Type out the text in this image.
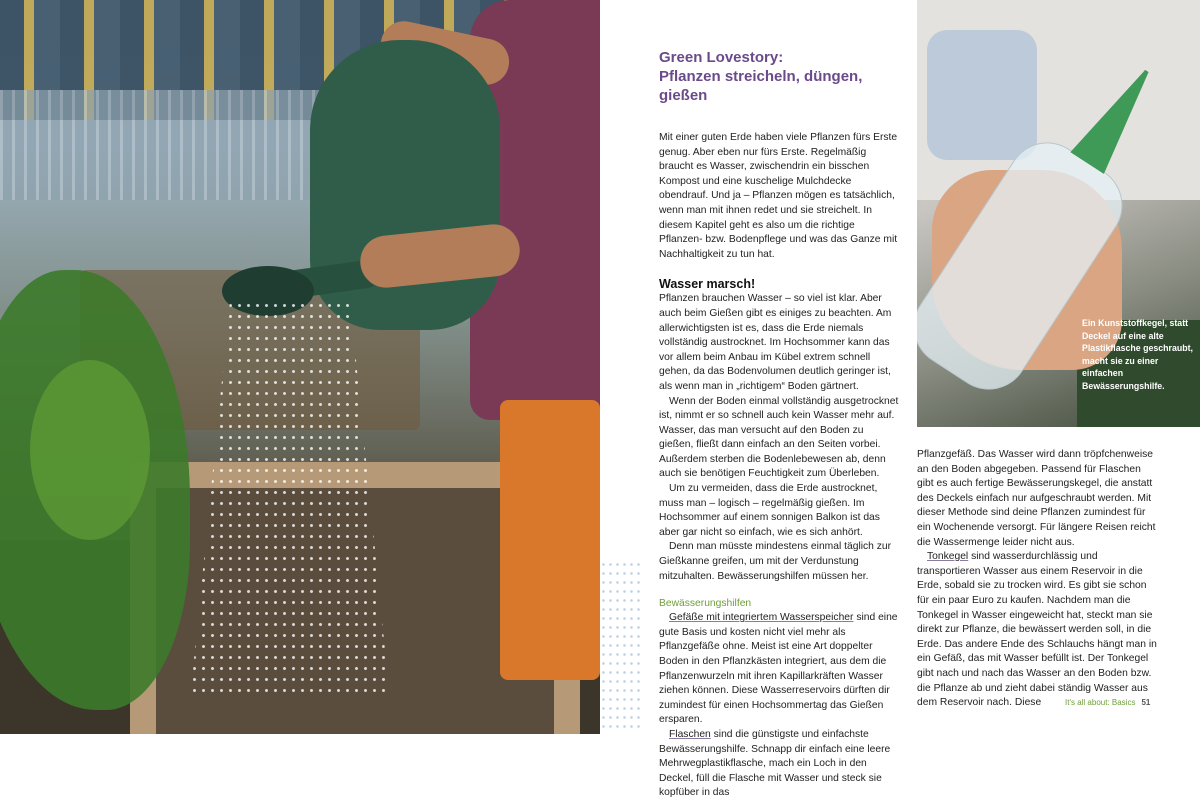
Green Lovestory:
Pflanzen streicheln, düngen, gießen

Mit einer guten Erde haben viele Pflanzen fürs Erste genug. Aber eben nur fürs Erste. Regelmäßig braucht es Wasser, zwischendrin ein bisschen Kompost und eine kuschelige Mulchdecke obendrauf. Und ja – Pflanzen mögen es tatsächlich, wenn man mit ihnen redet und sie streichelt. In diesem Kapitel geht es also um die richtige Pflanzen- bzw. Bodenpflege und was das Ganze mit Nachhaltigkeit zu tun hat.

Wasser marsch!

Pflanzen brauchen Wasser – so viel ist klar. Aber auch beim Gießen gibt es einiges zu beachten. Am allerwichtigsten ist es, dass die Erde niemals vollständig austrocknet. Im Hochsommer kann das vor allem beim Anbau im Kübel extrem schnell gehen, da das Bodenvolumen deutlich geringer ist, als wenn man in „richtigem“ Boden gärtnert.

Wenn der Boden einmal vollständig ausgetrocknet ist, nimmt er so schnell auch kein Wasser mehr auf. Wasser, das man versucht auf den Boden zu gießen, fließt dann einfach an den Seiten vorbei. Außerdem sterben die Bodenlebewesen ab, denn auch sie benötigen Feuchtigkeit zum Überleben.

Um zu vermeiden, dass die Erde austrocknet, muss man – logisch – regelmäßig gießen. Im Hochsommer auf einem sonnigen Balkon ist das aber gar nicht so einfach, wie es sich anhört.

Denn man müsste mindestens einmal täglich zur Gießkanne greifen, um mit der Verdunstung mitzuhalten. Bewässerungshilfen müssen her.

Bewässerungshilfen

Gefäße mit integriertem Wasserspeicher sind eine gute Basis und kosten nicht viel mehr als Pflanzgefäße ohne. Meist ist eine Art doppelter Boden in den Pflanzkästen integriert, aus dem die Pflanzenwurzeln mit ihren Kapillarkräften Wasser ziehen können. Diese Wasserreservoirs dürften dir zumindest für einen Hochsommertag das Gießen ersparen.

Flaschen sind die günstigste und einfachste Bewässerungshilfe. Schnapp dir einfach eine leere Mehrwegplastikflasche, mach ein Loch in den Deckel, füll die Flasche mit Wasser und steck sie kopfüber in das

Ein Kunststoffkegel, statt Deckel auf eine alte Plastikflasche geschraubt, macht sie zu einer einfachen Bewässerungshilfe.

Pflanzgefäß. Das Wasser wird dann tröpfchenweise an den Boden abgegeben. Passend für Flaschen gibt es auch fertige Bewässerungskegel, die anstatt des Deckels einfach nur aufgeschraubt werden. Mit dieser Methode sind deine Pflanzen zumindest für ein Wochenende versorgt. Für längere Reisen reicht die Wassermenge leider nicht aus.

Tonkegel sind wasserdurchlässig und transportieren Wasser aus einem Reservoir in die Erde, sobald sie zu trocken wird. Es gibt sie schon für ein paar Euro zu kaufen. Nachdem man die Tonkegel in Wasser eingeweicht hat, steckt man sie direkt zur Pflanze, die bewässert werden soll, in die Erde. Das andere Ende des Schlauchs hängt man in ein Gefäß, das mit Wasser befüllt ist. Der Tonkegel gibt nach und nach das Wasser an den Boden bzw. die Pflanze ab und zieht dabei ständig Wasser aus dem Reservoir nach. Diese	It's all about: Basics 51
